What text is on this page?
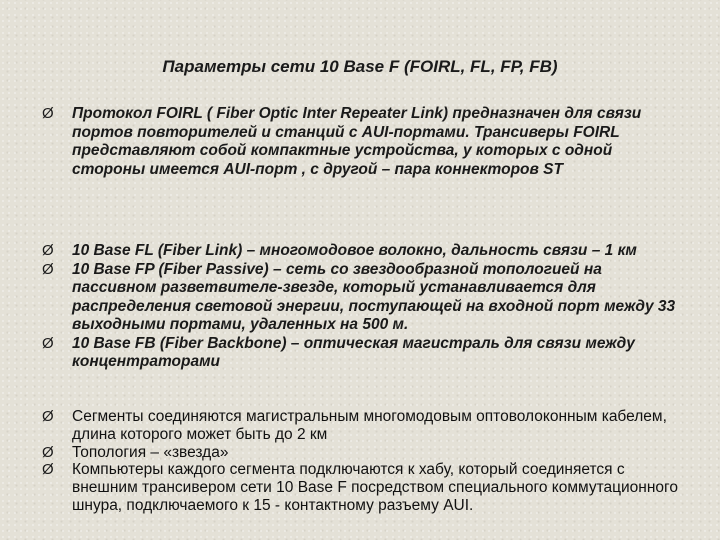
Параметры сети 10 Base F (FOIRL, FL, FP, FB)
Ø	Протокол FOIRL ( Fiber Optic Inter Repeater Link) предназначен для связи портов повторителей и станций с AUI-портами. Трансиверы FOIRL представляют собой компактные устройства, у которых с одной стороны имеется AUI-порт , с другой – пара коннекторов ST
Ø	10 Base FL (Fiber Link) – многомодовое волокно, дальность связи – 1 км
Ø	10 Base FP (Fiber Passive) – сеть со звездообразной топологией на пассивном разветвителе-звезде, который устанавливается для распределения световой энергии, поступающей на входной порт между 33 выходными портами, удаленных на 500 м.
Ø	10 Base FB (Fiber Backbone) – оптическая магистраль для связи между концентраторами
Ø	Сегменты соединяются магистральным многомодовым оптоволоконным кабелем, длина которого может быть до 2 км
Ø	Топология – «звезда»
Ø	Компьютеры каждого сегмента подключаются к хабу, который соединяется с внешним трансивером сети 10 Base F посредством специального коммутационного шнура, подключаемого к 15 - контактному разъему AUI.
